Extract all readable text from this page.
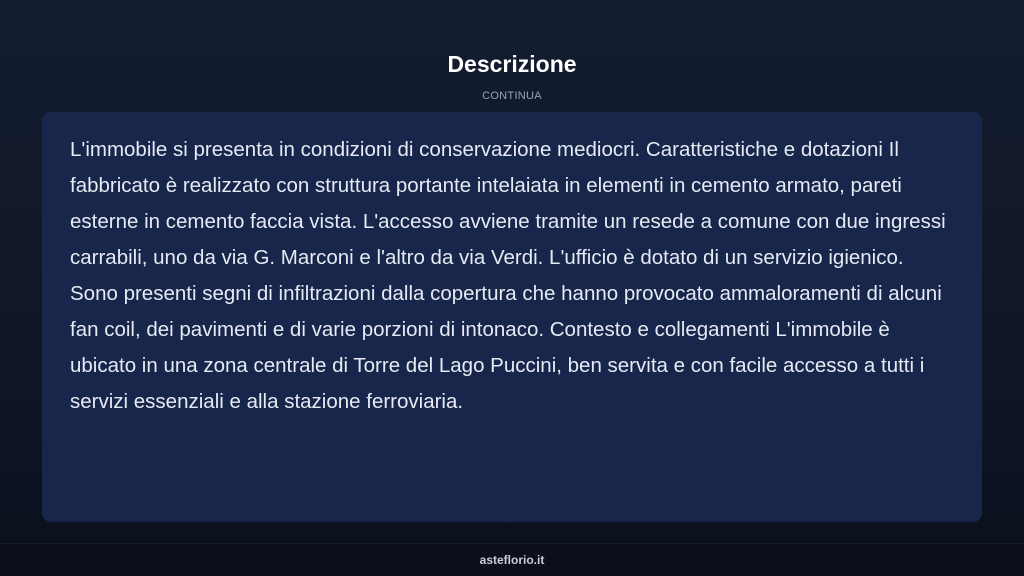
Descrizione
CONTINUA

L'immobile si presenta in condizioni di conservazione mediocri. Caratteristiche e dotazioni Il fabbricato è realizzato con struttura portante intelaiata in elementi in cemento armato, pareti esterne in cemento faccia vista. L'accesso avviene tramite un resede a comune con due ingressi carrabili, uno da via G. Marconi e l'altro da via Verdi. L'ufficio è dotato di un servizio igienico. Sono presenti segni di infiltrazioni dalla copertura che hanno provocato ammaloramenti di alcuni fan coil, dei pavimenti e di varie porzioni di intonaco. Contesto e collegamenti L'immobile è ubicato in una zona centrale di Torre del Lago Puccini, ben servita e con facile accesso a tutti i servizi essenziali e alla stazione ferroviaria.

asteflorio.it
